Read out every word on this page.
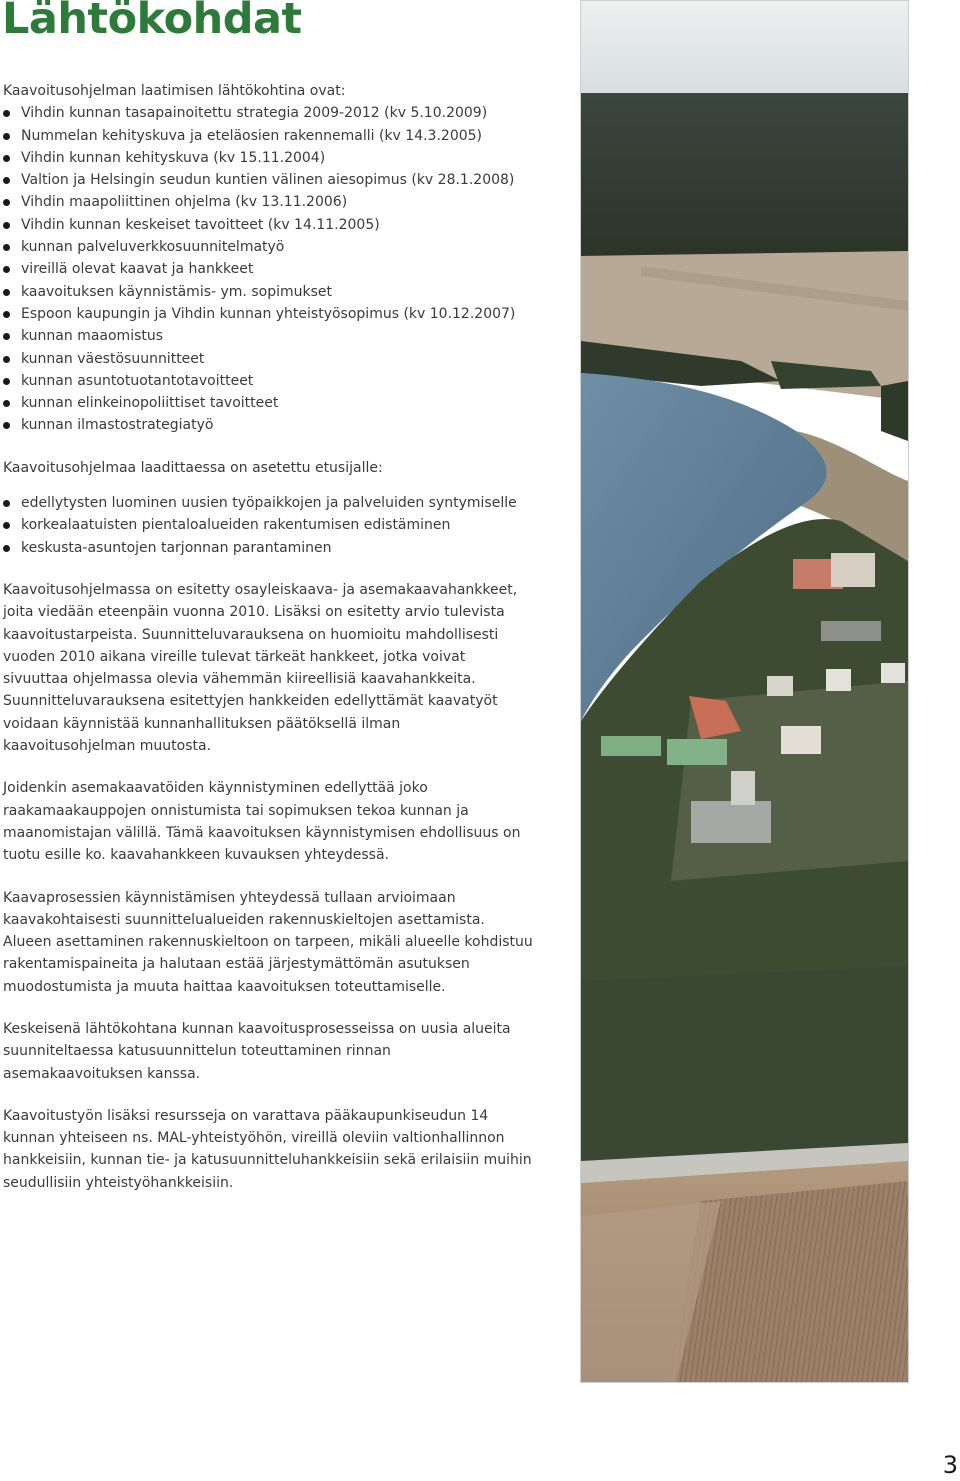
Lähtökohdat

Kaavoitusohjelman laatimisen lähtökohtina ovat:

Vihdin kunnan tasapainoitettu strategia 2009-2012 (kv 5.10.2009)
Nummelan kehityskuva ja eteläosien rakennemalli (kv 14.3.2005)
Vihdin kunnan kehityskuva (kv 15.11.2004)
Valtion ja Helsingin seudun kuntien välinen aiesopimus (kv 28.1.2008)
Vihdin maapoliittinen ohjelma (kv 13.11.2006)
Vihdin kunnan keskeiset tavoitteet (kv 14.11.2005)
kunnan palveluverkkosuunnitelmatyö
vireillä olevat kaavat ja hankkeet
kaavoituksen käynnistämis- ym. sopimukset
Espoon kaupungin ja Vihdin kunnan yhteistyösopimus (kv 10.12.2007)
kunnan maaomistus
kunnan väestösuunnitteet
kunnan asuntotuotantotavoitteet
kunnan elinkeinopoliittiset tavoitteet
kunnan ilmastostrategiatyö

Kaavoitusohjelmaa laadittaessa on asetettu etusijalle:

edellytysten luominen uusien työpaikkojen ja palveluiden syntymiselle
korkealaatuisten pientaloalueiden rakentumisen edistäminen
keskusta-asuntojen tarjonnan parantaminen

Kaavoitusohjelmassa on esitetty osayleiskaava- ja asemakaavahankkeet, joita viedään eteenpäin vuonna 2010. Lisäksi on esitetty arvio tulevista kaavoitustarpeista. Suunnitteluvarauksena on huomioitu mahdollisesti vuoden 2010 aikana vireille tulevat tärkeät hankkeet, jotka voivat sivuuttaa ohjelmassa olevia vähemmän kiireellisiä kaavahankkeita. Suunnitteluvarauksena esitettyjen hankkeiden edellyttämät kaavatyöt voidaan käynnistää kunnanhallituksen päätöksellä ilman kaavoitusohjelman muutosta.

Joidenkin asemakaavatöiden käynnistyminen edellyttää joko raakamaakauppojen onnistumista tai sopimuksen tekoa kunnan ja maanomistajan välillä. Tämä kaavoituksen käynnistymisen ehdollisuus on tuotu esille ko. kaavahankkeen kuvauksen yhteydessä.

Kaavaprosessien käynnistämisen yhteydessä tullaan arvioimaan kaavakohtaisesti suunnittelualueiden rakennuskieltojen asettamista. Alueen asettaminen rakennuskieltoon on tarpeen, mikäli alueelle kohdistuu rakentamispaineita ja halutaan estää järjestymättömän asutuksen muodostumista ja muuta haittaa kaavoituksen toteuttamiselle.

Keskeisenä lähtökohtana kunnan kaavoitusprosesseissa on uusia alueita suunniteltaessa katusuunnittelun toteuttaminen rinnan asemakaavoituksen kanssa.

Kaavoitustyön lisäksi resursseja on varattava pääkaupunkiseudun 14 kunnan yhteiseen ns. MAL-yhteistyöhön, vireillä oleviin valtionhallinnon hankkeisiin, kunnan tie- ja katusuunnitteluhankkeisiin sekä erilaisiin muihin seudullisiin yhteistyöhankkeisiin.

3
